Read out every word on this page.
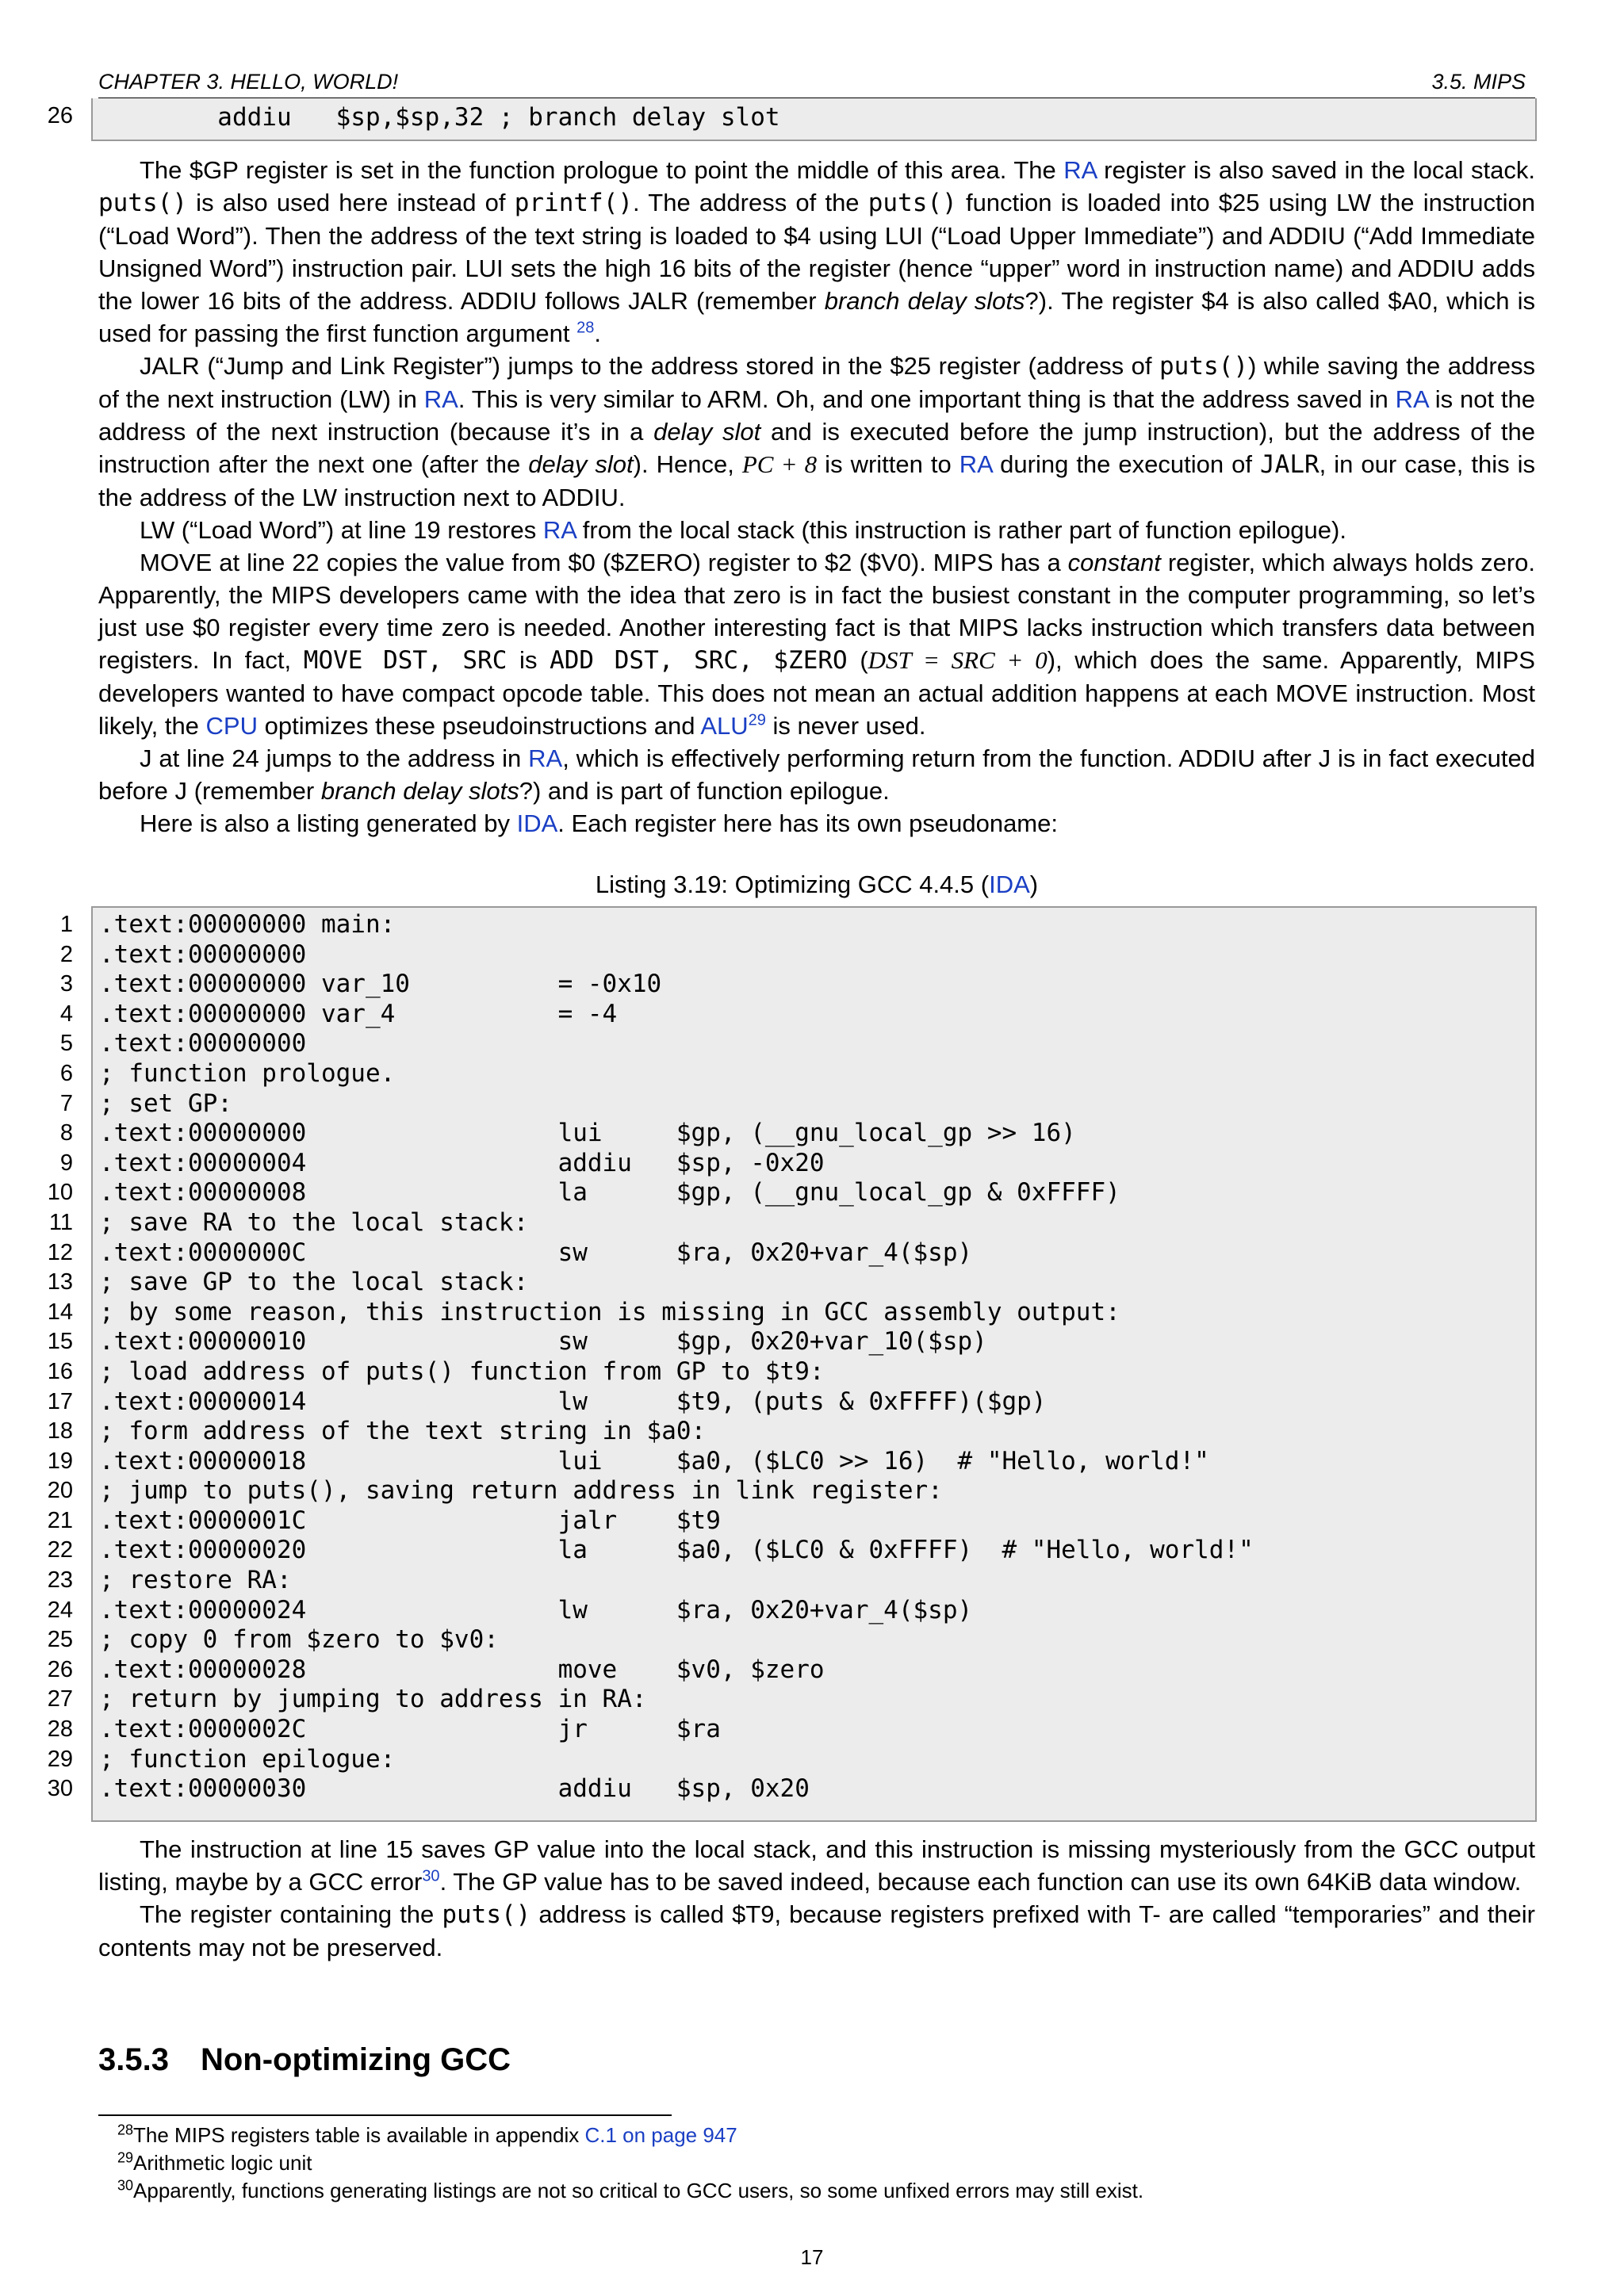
CHAPTER 3. HELLO, WORLD!	3.5. MIPS
26 addiu   $sp,$sp,32 ; branch delay slot

The $GP register is set in the function prologue to point the middle of this area. The RA register is also saved in the local stack. puts() is also used here instead of printf(). The address of the puts() function is loaded into $25 using LW the instruction (“Load Word”). Then the address of the text string is loaded to $4 using LUI (“Load Upper Immediate”) and ADDIU (“Add Immediate Unsigned Word”) instruction pair. LUI sets the high 16 bits of the register (hence “upper” word in instruction name) and ADDIU adds the lower 16 bits of the address. ADDIU follows JALR (remember branch delay slots?). The register $4 is also called $A0, which is used for passing the first function argument $^{28}$.

JALR (“Jump and Link Register”) jumps to the address stored in the $25 register (address of puts()) while saving the address of the next instruction (LW) in RA. This is very similar to ARM. Oh, and one important thing is that the address saved in RA is not the address of the next instruction (because it’s in a delay slot and is executed before the jump instruction), but the address of the instruction after the next one (after the delay slot). Hence, PC + 8 is written to RA during the execution of JALR, in our case, this is the address of the LW instruction next to ADDIU.

LW (“Load Word”) at line 19 restores RA from the local stack (this instruction is rather part of function epilogue).

MOVE at line 22 copies the value from $0 ($ZERO) register to $2 ($V0). MIPS has a constant register, which always holds zero. Apparently, the MIPS developers came with the idea that zero is in fact the busiest constant in the computer programming, so let’s just use $0 register every time zero is needed. Another interesting fact is that MIPS lacks instruction which transfers data between registers. In fact, MOVE DST, SRC is ADD DST, SRC, $ZERO (DST = SRC + 0), which does the same. Apparently, MIPS developers wanted to have compact opcode table. This does not mean an actual addition happens at each MOVE instruction. Most likely, the CPU optimizes these pseudoinstructions and ALU$^{29}$ is never used.

J at line 24 jumps to the address in RA, which is effectively performing return from the function. ADDIU after J is in fact executed before J (remember branch delay slots?) and is part of function epilogue.

Here is also a listing generated by IDA. Each register here has its own pseudoname:

Listing 3.19: Optimizing GCC 4.4.5 (IDA)
1
2
3
4
5
6
7
8
9
10
11
12
13
14
15
16
17
18
19
20
21
22
23
24
25
26
27
28
29
30
.text:00000000 main:
.text:00000000
.text:00000000 var_10          = -0x10
.text:00000000 var_4           = -4
.text:00000000
; function prologue.
; set GP:
.text:00000000                 lui     $gp, (__gnu_local_gp >> 16)
.text:00000004                 addiu   $sp, -0x20
.text:00000008                 la      $gp, (__gnu_local_gp & 0xFFFF)
; save RA to the local stack:
.text:0000000C                 sw      $ra, 0x20+var_4($sp)
; save GP to the local stack:
; by some reason, this instruction is missing in GCC assembly output:
.text:00000010                 sw      $gp, 0x20+var_10($sp)
; load address of puts() function from GP to $t9:
.text:00000014                 lw      $t9, (puts & 0xFFFF)($gp)
; form address of the text string in $a0:
.text:00000018                 lui     $a0, ($LC0 >> 16)  # "Hello, world!"
; jump to puts(), saving return address in link register:
.text:0000001C                 jalr    $t9
.text:00000020                 la      $a0, ($LC0 & 0xFFFF)  # "Hello, world!"
; restore RA:
.text:00000024                 lw      $ra, 0x20+var_4($sp)
; copy 0 from $zero to $v0:
.text:00000028                 move    $v0, $zero
; return by jumping to address in RA:
.text:0000002C                 jr      $ra
; function epilogue:
.text:00000030                 addiu   $sp, 0x20

The instruction at line 15 saves GP value into the local stack, and this instruction is missing mysteriously from the GCC output listing, maybe by a GCC error$^{30}$. The GP value has to be saved indeed, because each function can use its own 64KiB data window.

The register containing the puts() address is called $T9, because registers prefixed with T- are called “temporaries” and their contents may not be preserved.

3.5.3 Non-optimizing GCC
$^{28}$The MIPS registers table is available in appendix C.1 on page 947
$^{29}$Arithmetic logic unit
$^{30}$Apparently, functions generating listings are not so critical to GCC users, so some unfixed errors may still exist.
17
